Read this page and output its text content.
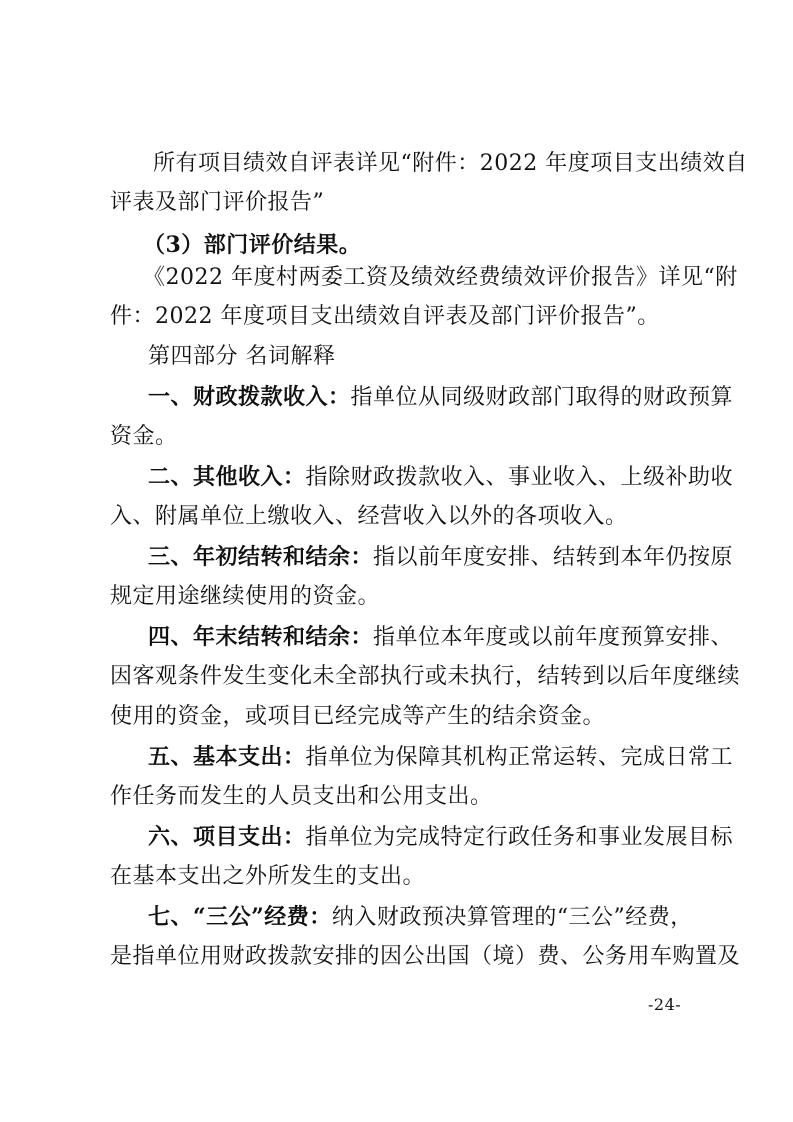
所有项目绩效自评表详见“附件：2022 年度项目支出绩效自
评表及部门评价报告”
（3）部门评价结果。
《2022 年度村两委工资及绩效经费绩效评价报告》详见“附
件：2022 年度项目支出绩效自评表及部门评价报告”。
第四部分 名词解释
一、财政拨款收入：指单位从同级财政部门取得的财政预算
资金。
二、其他收入：指除财政拨款收入、事业收入、上级补助收
入、附属单位上缴收入、经营收入以外的各项收入。
三、年初结转和结余：指以前年度安排、结转到本年仍按原
规定用途继续使用的资金。
四、年末结转和结余：指单位本年度或以前年度预算安排、
因客观条件发生变化未全部执行或未执行，结转到以后年度继续
使用的资金，或项目已经完成等产生的结余资金。
五、基本支出：指单位为保障其机构正常运转、完成日常工
作任务而发生的人员支出和公用支出。
六、项目支出：指单位为完成特定行政任务和事业发展目标
在基本支出之外所发生的支出。
七、“三公”经费：纳入财政预决算管理的“三公”经费，
是指单位用财政拨款安排的因公出国（境）费、公务用车购置及
-24-
